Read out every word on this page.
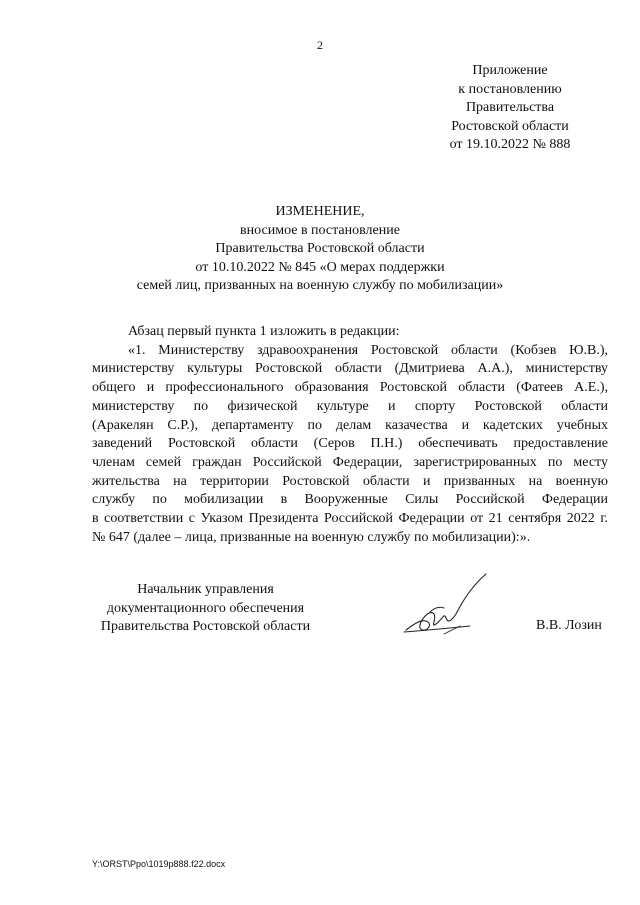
2
Приложение
к постановлению
Правительства
Ростовской области
от 19.10.2022 № 888
ИЗМЕНЕНИЕ,
вносимое в постановление
Правительства Ростовской области
от 10.10.2022 № 845 «О мерах поддержки
семей лиц, призванных на военную службу по мобилизации»

Абзац первый пункта 1 изложить в редакции:

«1. Министерству здравоохранения Ростовской области (Кобзев Ю.В.),
министерству культуры Ростовской области (Дмитриева А.А.), министерству
общего и профессионального образования Ростовской области (Фатеев А.Е.),
министерству по физической культуре и спорту Ростовской области
(Аракелян С.Р.), департаменту по делам казачества и кадетских учебных
заведений Ростовской области (Серов П.Н.) обеспечивать предоставление
членам семей граждан Российской Федерации, зарегистрированных по месту
жительства на территории Ростовской области и призванных на военную
службу по мобилизации в Вооруженные Силы Российской Федерации
в соответствии с Указом Президента Российской Федерации от 21 сентября 2022 г.
№ 647 (далее – лица, призванные на военную службу по мобилизации):».

Начальник управления
документационного обеспечения
Правительства Ростовской области	В.В. Лозин
Y:\ORST\Ppo\1019p888.f22.docx
